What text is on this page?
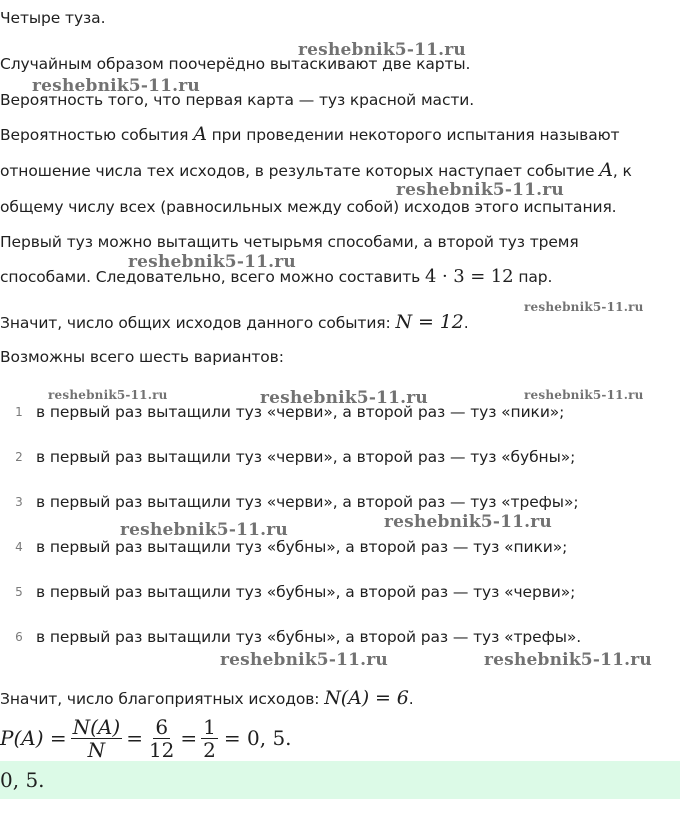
Четыре туза.
Случайным образом поочерёдно вытаскивают две карты.
Вероятность того, что первая карта — туз красной масти.
Вероятностью события A при проведении некоторого испытания называют
отношение числа тех исходов, в результате которых наступает событие A, к
общему числу всех (равносильных между собой) исходов этого испытания.
Первый туз можно вытащить четырьмя способами, а второй туз тремя
способами. Следовательно, всего можно составить 4 · 3 = 12 пар.
Значит, число общих исходов данного события: N = 12.
Возможны всего шесть вариантов:
1 в первый раз вытащили туз «черви», а второй раз — туз «пики»;
2 в первый раз вытащили туз «черви», а второй раз — туз «бубны»;
3 в первый раз вытащили туз «черви», а второй раз — туз «трефы»;
4 в первый раз вытащили туз «бубны», а второй раз — туз «пики»;
5 в первый раз вытащили туз «бубны», а второй раз — туз «черви»;
6 в первый раз вытащили туз «бубны», а второй раз — туз «трефы».
Значит, число благоприятных исходов: N(A) = 6.
$P(A) = \frac{N(A)}{N} = \frac{6}{12} = \frac{1}{2} = 0$, 5.
0, 5.
reshebnik5-11.ru
reshebnik5-11.ru
reshebnik5-11.ru
reshebnik5-11.ru
reshebnik5-11.ru
reshebnik5-11.ru	reshebnik5-11.ru	reshebnik5-11.ru
reshebnik5-11.ru
reshebnik5-11.ru
reshebnik5-11.ru	reshebnik5-11.ru
